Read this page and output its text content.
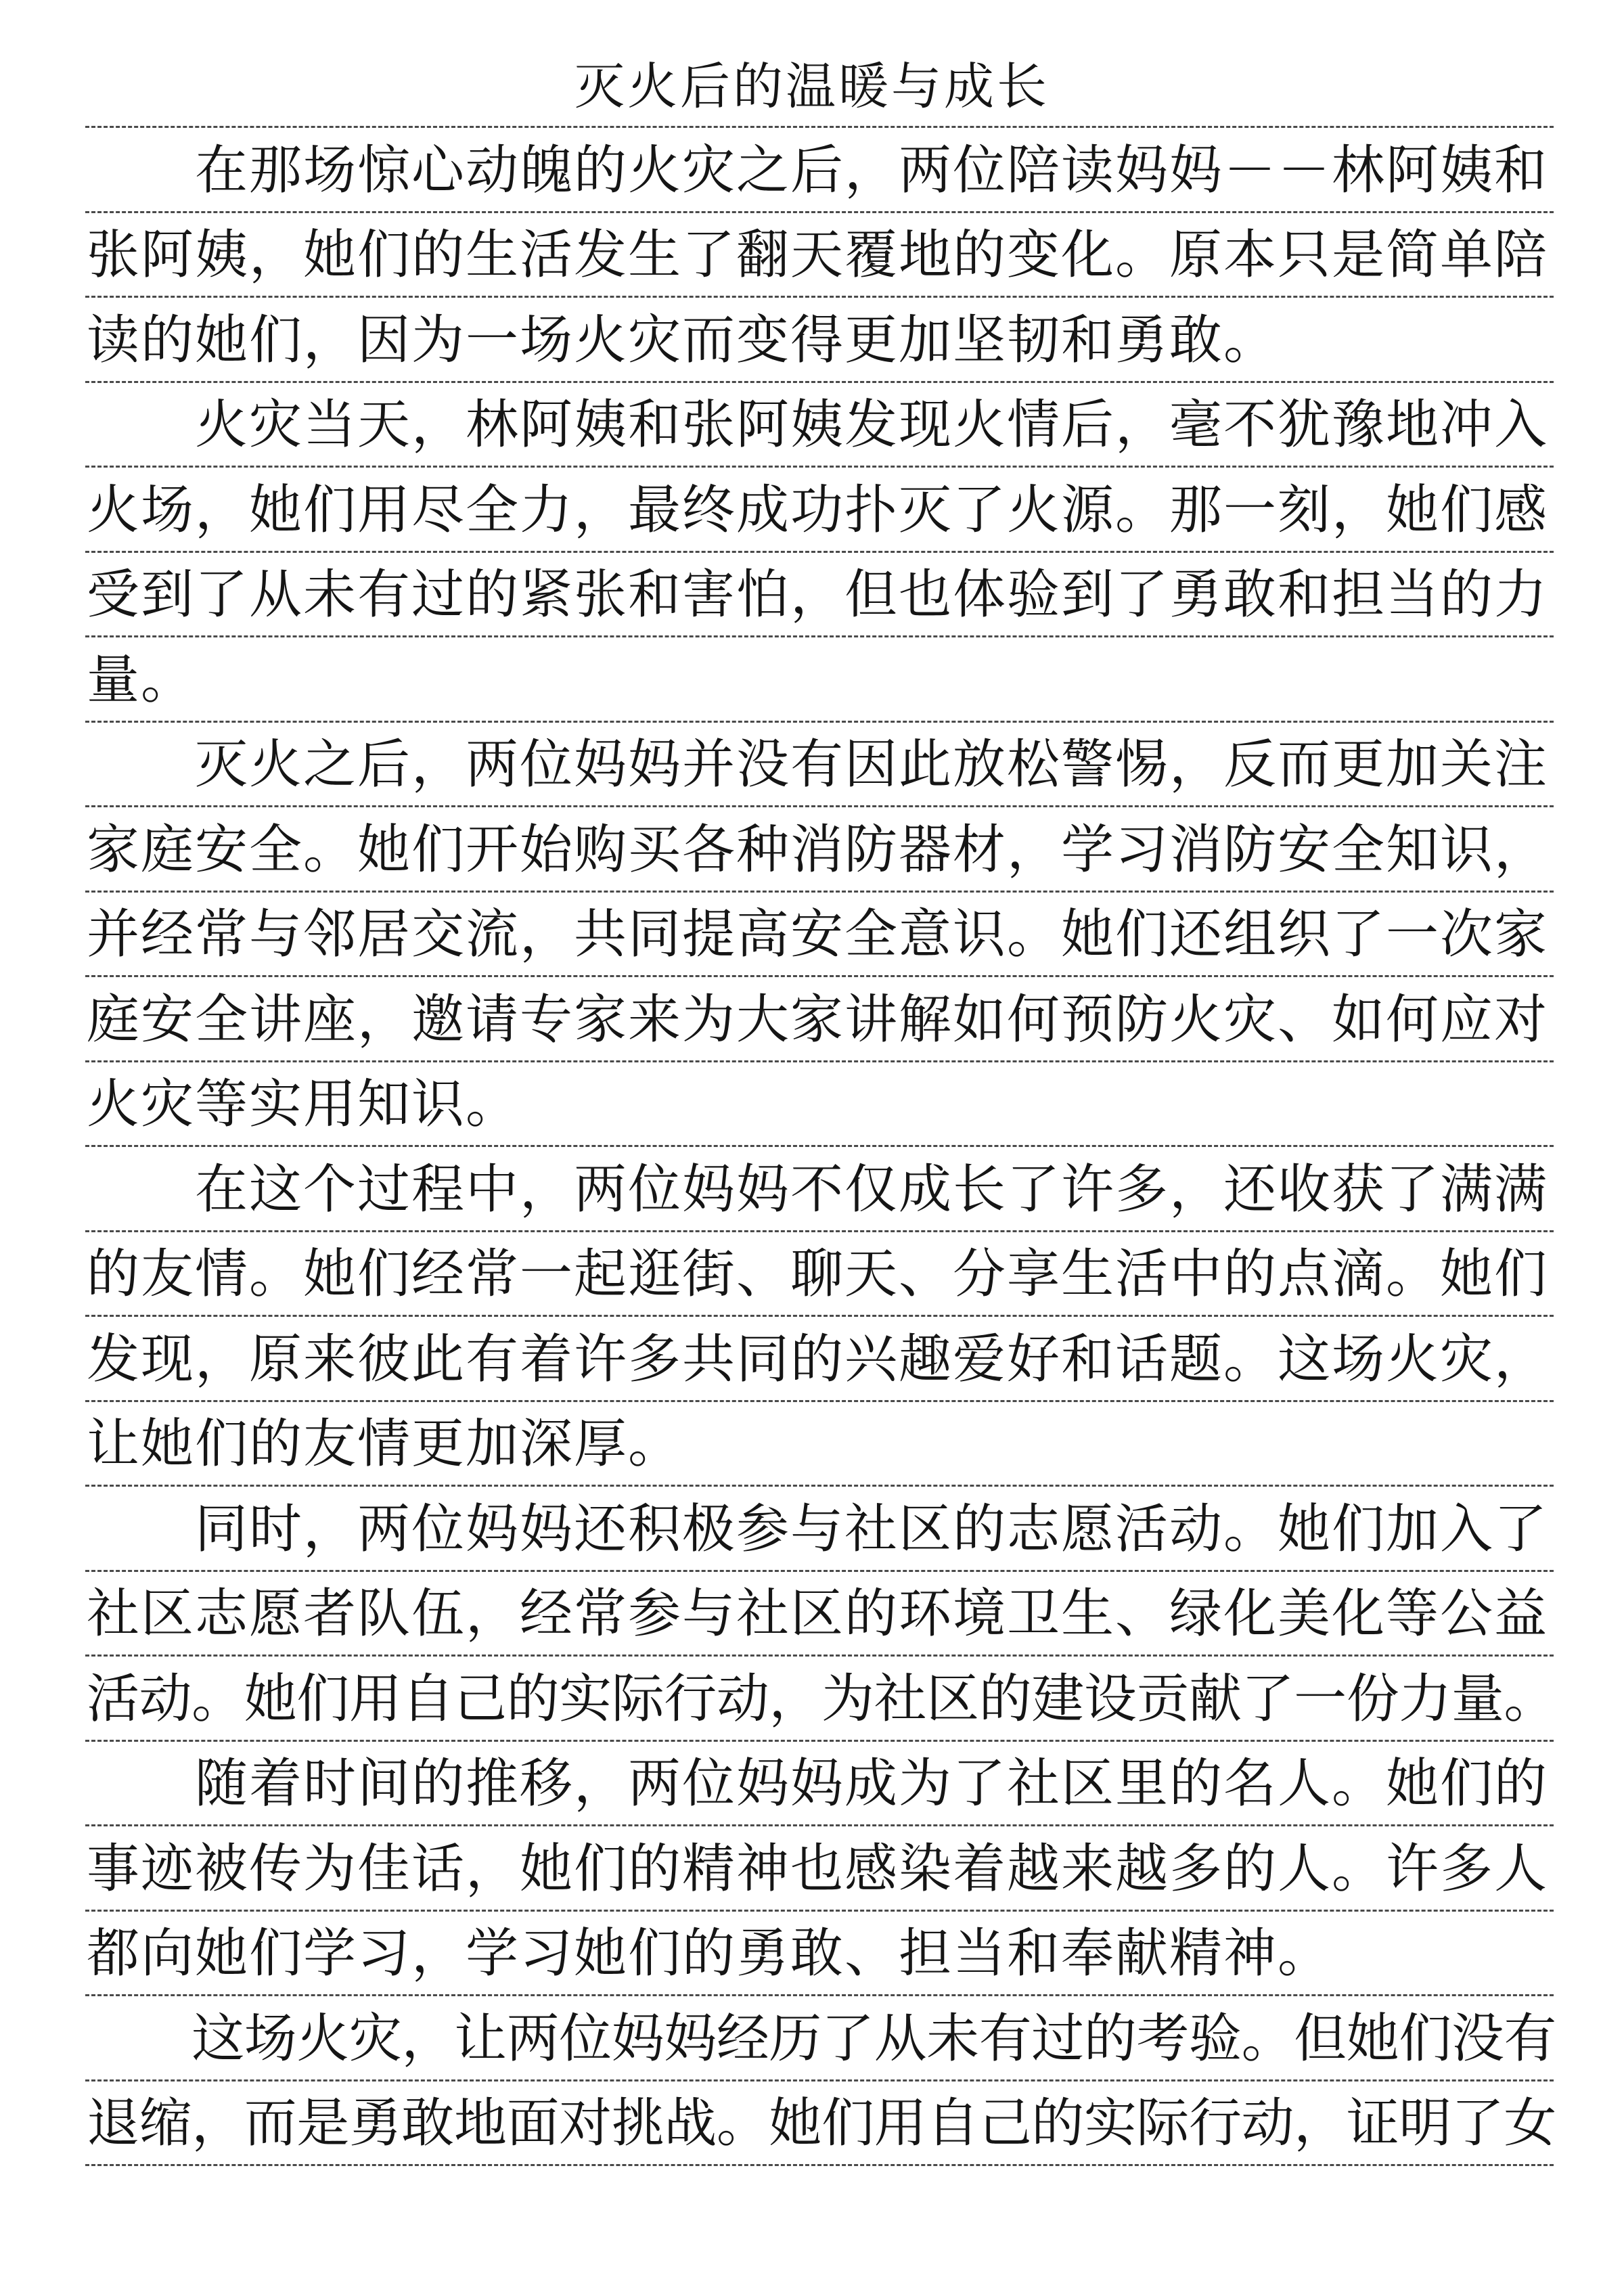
灭火后的温暖与成长
　　在那场惊心动魄的火灾之后，两位陪读妈妈－－林阿姨和
张阿姨，她们的生活发生了翻天覆地的变化。原本只是简单陪
读的她们，因为一场火灾而变得更加坚韧和勇敢。
　　火灾当天，林阿姨和张阿姨发现火情后，毫不犹豫地冲入
火场，她们用尽全力，最终成功扑灭了火源。那一刻，她们感
受到了从未有过的紧张和害怕，但也体验到了勇敢和担当的力
量。
　　灭火之后，两位妈妈并没有因此放松警惕，反而更加关注
家庭安全。她们开始购买各种消防器材，学习消防安全知识，
并经常与邻居交流，共同提高安全意识。她们还组织了一次家
庭安全讲座，邀请专家来为大家讲解如何预防火灾、如何应对
火灾等实用知识。
　　在这个过程中，两位妈妈不仅成长了许多，还收获了满满
的友情。她们经常一起逛街、聊天、分享生活中的点滴。她们
发现，原来彼此有着许多共同的兴趣爱好和话题。这场火灾，
让她们的友情更加深厚。
　　同时，两位妈妈还积极参与社区的志愿活动。她们加入了
社区志愿者队伍，经常参与社区的环境卫生、绿化美化等公益
活动。她们用自己的实际行动，为社区的建设贡献了一份力量。
　　随着时间的推移，两位妈妈成为了社区里的名人。她们的
事迹被传为佳话，她们的精神也感染着越来越多的人。许多人
都向她们学习，学习她们的勇敢、担当和奉献精神。
　　这场火灾，让两位妈妈经历了从未有过的考验。但她们没有
退缩，而是勇敢地面对挑战。她们用自己的实际行动，证明了女
